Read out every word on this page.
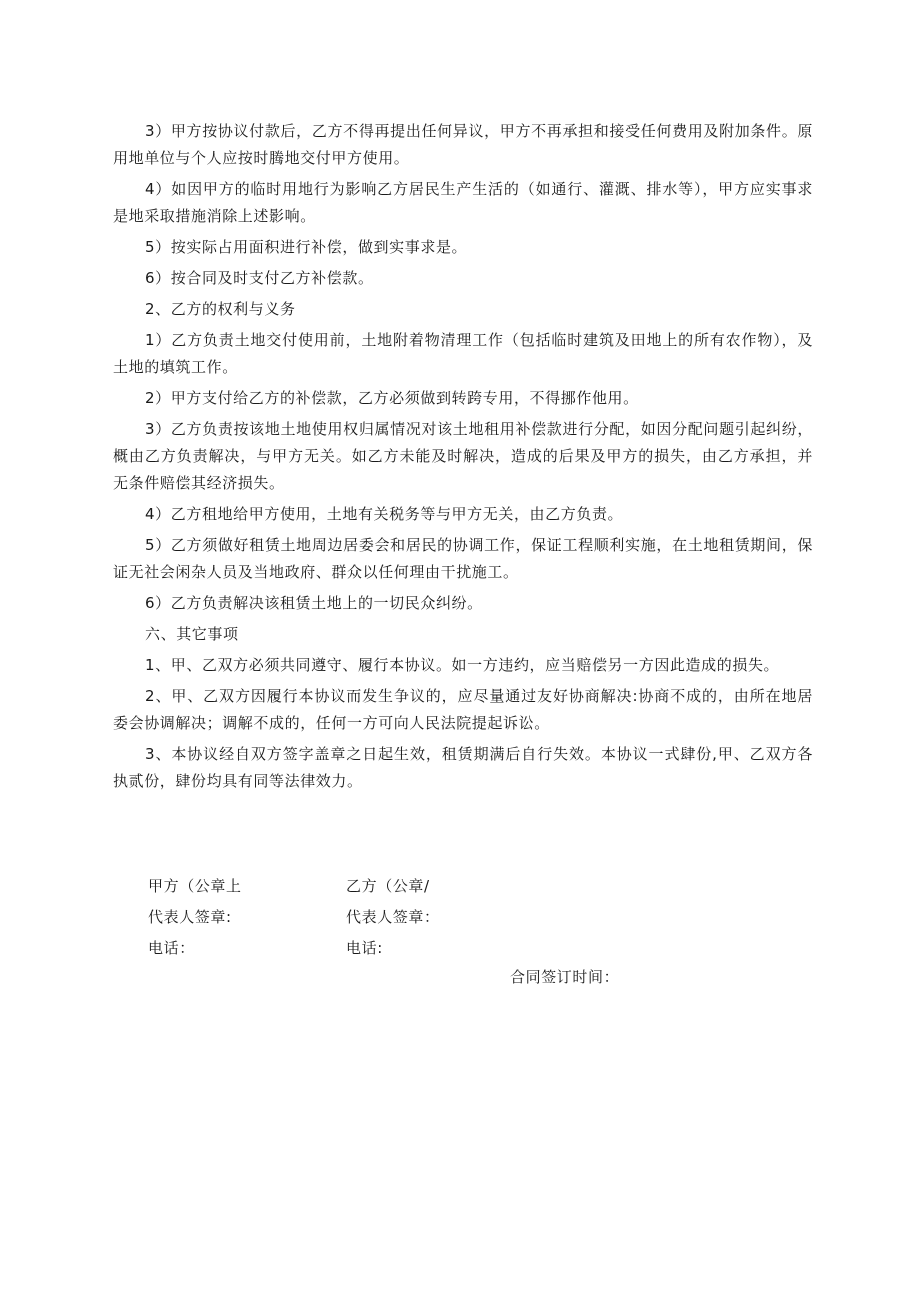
3）甲方按协议付款后，乙方不得再提出任何异议，甲方不再承担和接受任何费用及附加条件。原用地单位与个人应按时腾地交付甲方使用。

4）如因甲方的临时用地行为影响乙方居民生产生活的（如通行、灌溉、排水等），甲方应实事求是地采取措施消除上述影响。

5）按实际占用面积进行补偿，做到实事求是。

6）按合同及时支付乙方补偿款。

2、乙方的权利与义务

1）乙方负责土地交付使用前，土地附着物清理工作（包括临时建筑及田地上的所有农作物），及土地的填筑工作。

2）甲方支付给乙方的补偿款，乙方必须做到转跨专用，不得挪作他用。

3）乙方负责按该地土地使用权归属情况对该土地租用补偿款进行分配，如因分配问题引起纠纷，概由乙方负责解决，与甲方无关。如乙方未能及时解决，造成的后果及甲方的损失，由乙方承担，并无条件赔偿其经济损失。

4）乙方租地给甲方使用，土地有关税务等与甲方无关，由乙方负责。

5）乙方须做好租赁土地周边居委会和居民的协调工作，保证工程顺利实施，在土地租赁期间，保证无社会闲杂人员及当地政府、群众以任何理由干扰施工。

6）乙方负责解决该租赁土地上的一切民众纠纷。

六、其它事项

1、甲、乙双方必须共同遵守、履行本协议。如一方违约，应当赔偿另一方因此造成的损失。

2、甲、乙双方因履行本协议而发生争议的，应尽量通过友好协商解决:协商不成的，由所在地居委会协调解决；调解不成的，任何一方可向人民法院提起诉讼。

3、本协议经自双方签字盖章之日起生效，租赁期满后自行失效。本协议一式肆份,甲、乙双方各执贰份，肆份均具有同等法律效力。

甲方（公章上	乙方（公章/
代表人签章:	代表人签章：
电话：	电话:
合同签订时间：
